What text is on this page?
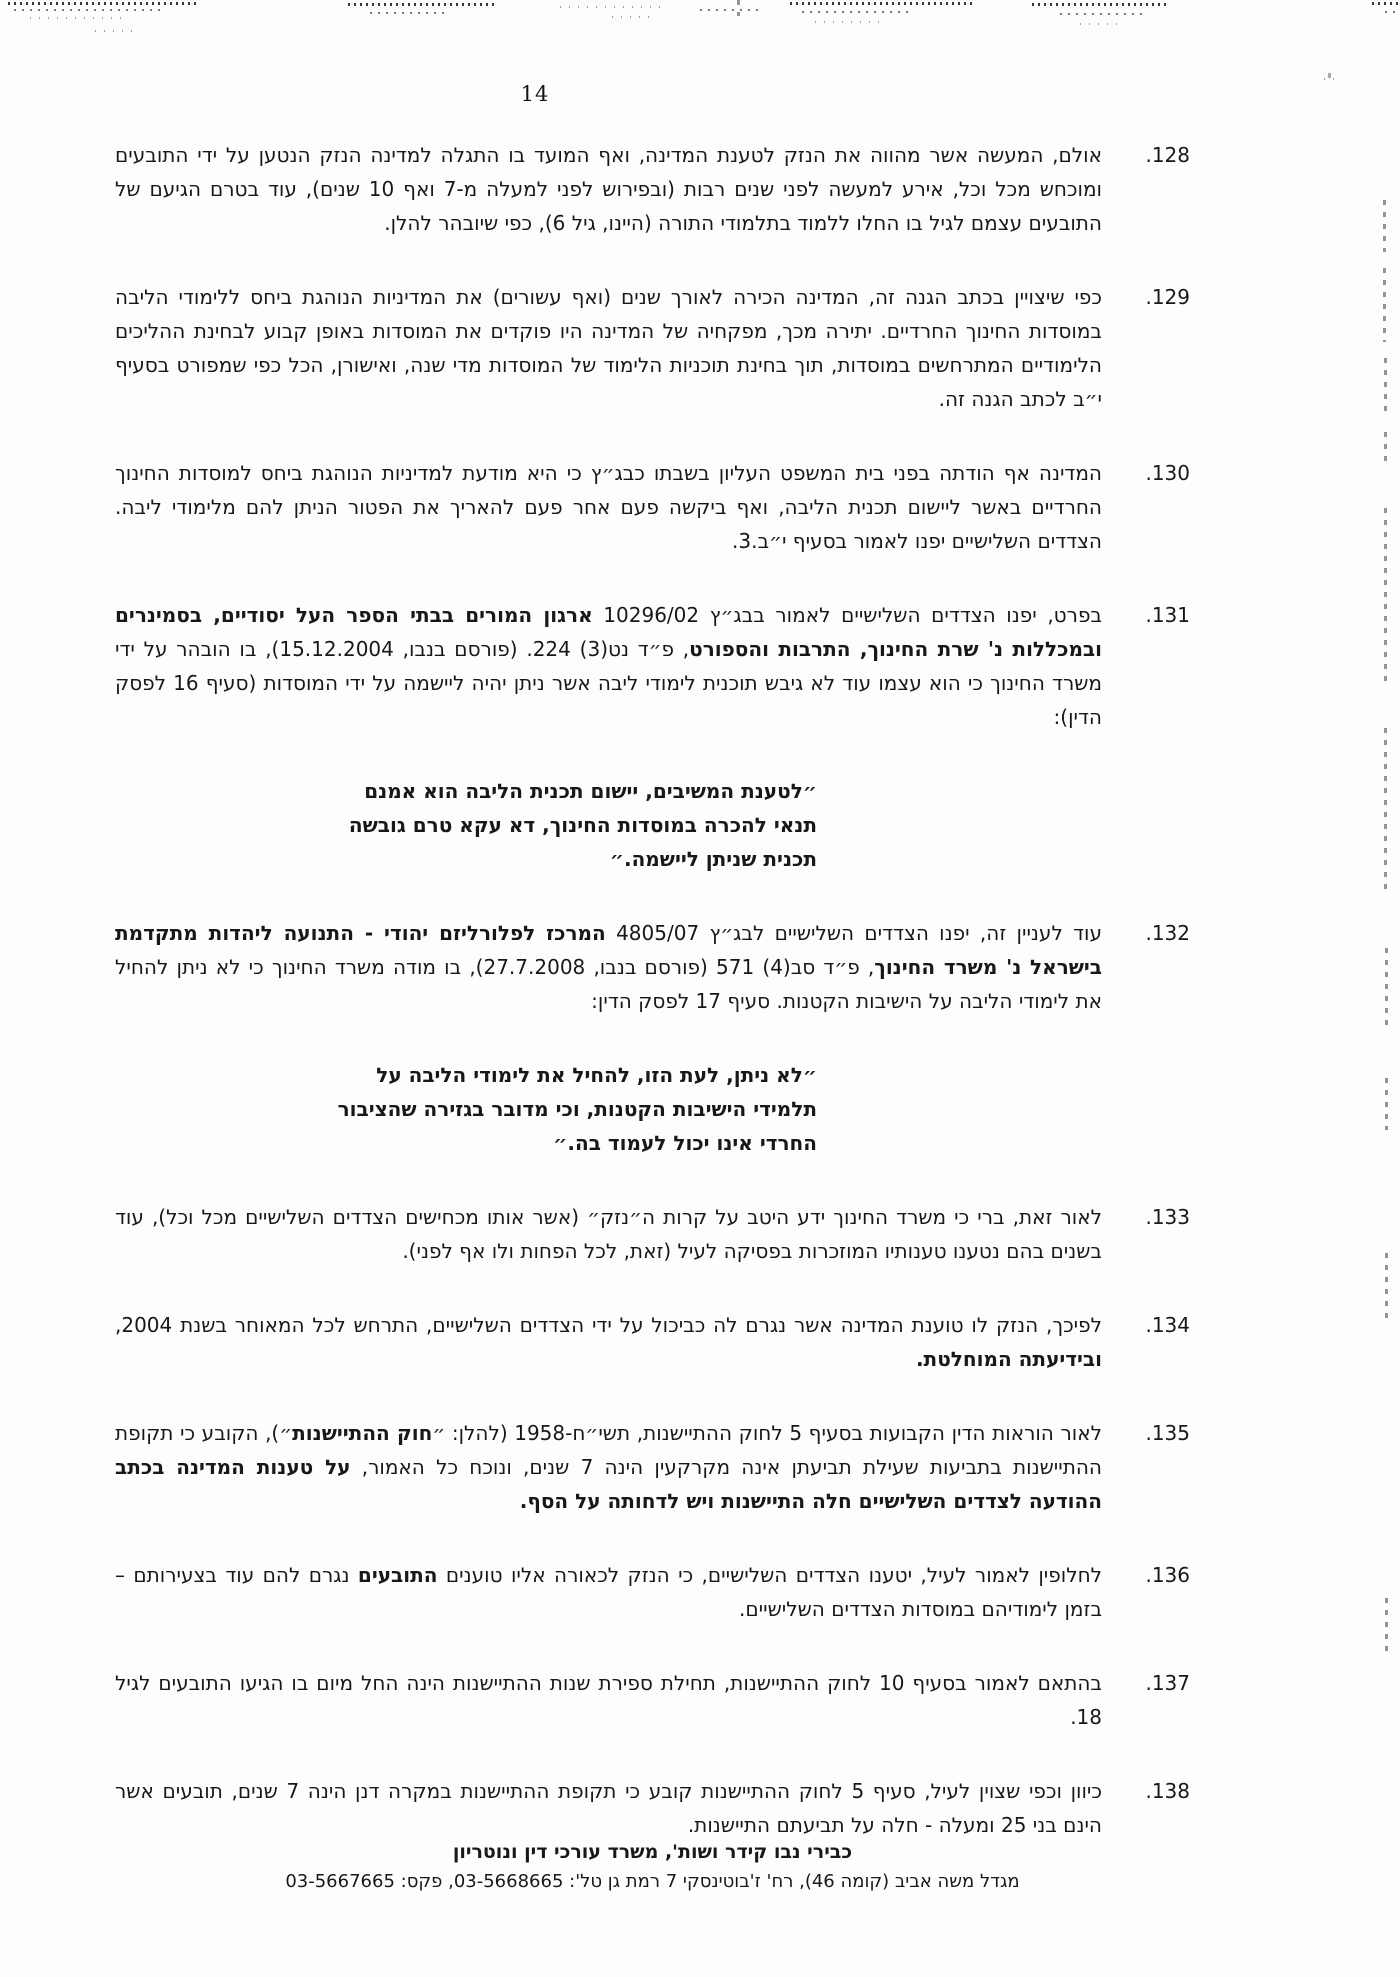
14
128.
אולם, המעשה אשר מהווה את הנזק לטענת המדינה, ואף המועד בו התגלה למדינה הנזק הנטען על ידי התובעים ומוכחש מכל וכל, אירע למעשה לפני שנים רבות (ובפירוש לפני למעלה מ-7 ואף 10 שנים), עוד בטרם הגיעם של התובעים עצמם לגיל בו החלו ללמוד בתלמודי התורה (היינו, גיל 6), כפי שיובהר להלן.
129.
כפי שיצויין בכתב הגנה זה, המדינה הכירה לאורך שנים (ואף עשורים) את המדיניות הנוהגת ביחס ללימודי הליבה במוסדות החינוך החרדיים. יתירה מכך, מפקחיה של המדינה היו פוקדים את המוסדות באופן קבוע לבחינת ההליכים הלימודיים המתרחשים במוסדות, תוך בחינת תוכניות הלימוד של המוסדות מדי שנה, ואישורן, הכל כפי שמפורט בסעיף י״ב לכתב הגנה זה.
130.
המדינה אף הודתה בפני בית המשפט העליון בשבתו כבג״ץ כי היא מודעת למדיניות הנוהגת ביחס למוסדות החינוך החרדיים באשר ליישום תכנית הליבה, ואף ביקשה פעם אחר פעם להאריך את הפטור הניתן להם מלימודי ליבה. הצדדים השלישיים יפנו לאמור בסעיף י״ב.3.
131.
בפרט, יפנו הצדדים השלישיים לאמור בבג״ץ 10296/02 ארגון המורים בבתי הספר העל יסודיים, בסמינרים ובמכללות נ' שרת החינוך, התרבות והספורט, פ״ד נט(3) 224. (פורסם בנבו, 15.12.2004), בו הובהר על ידי משרד החינוך כי הוא עצמו עוד לא גיבש תוכנית לימודי ליבה אשר ניתן יהיה ליישמה על ידי המוסדות (סעיף 16 לפסק הדין):
״לטענת המשיבים, יישום תכנית הליבה הוא אמנם תנאי להכרה במוסדות החינוך, דא עקא טרם גובשה תכנית שניתן ליישמה.״
132.
עוד לעניין זה, יפנו הצדדים השלישיים לבג״ץ 4805/07 המרכז לפלורליזם יהודי - התנועה ליהדות מתקדמת בישראל נ' משרד החינוך, פ״ד סב(4) 571 (פורסם בנבו, 27.7.2008), בו מודה משרד החינוך כי לא ניתן להחיל את לימודי הליבה על הישיבות הקטנות. סעיף 17 לפסק הדין:
״לא ניתן, לעת הזו, להחיל את לימודי הליבה על תלמידי הישיבות הקטנות, וכי מדובר בגזירה שהציבור החרדי אינו יכול לעמוד בה.״
133.
לאור זאת, ברי כי משרד החינוך ידע היטב על קרות ה״נזק״ (אשר אותו מכחישים הצדדים השלישיים מכל וכל), עוד בשנים בהם נטענו טענותיו המוזכרות בפסיקה לעיל (זאת, לכל הפחות ולו אף לפני).
134.
לפיכך, הנזק לו טוענת המדינה אשר נגרם לה כביכול על ידי הצדדים השלישיים, התרחש לכל המאוחר בשנת 2004, ובידיעתה המוחלטת.
135.
לאור הוראות הדין הקבועות בסעיף 5 לחוק ההתיישנות, תשי״ח-1958 (להלן: ״חוק ההתיישנות״), הקובע כי תקופת ההתיישנות בתביעות שעילת תביעתן אינה מקרקעין הינה 7 שנים, ונוכח כל האמור, על טענות המדינה בכתב ההודעה לצדדים השלישיים חלה התיישנות ויש לדחותה על הסף.
136.
לחלופין לאמור לעיל, יטענו הצדדים השלישיים, כי הנזק לכאורה אליו טוענים התובעים נגרם להם עוד בצעירותם – בזמן לימודיהם במוסדות הצדדים השלישיים.
137.
בהתאם לאמור בסעיף 10 לחוק ההתיישנות, תחילת ספירת שנות ההתיישנות הינה החל מיום בו הגיעו התובעים לגיל 18.
138.
כיוון וכפי שצוין לעיל, סעיף 5 לחוק ההתיישנות קובע כי תקופת ההתיישנות במקרה דנן הינה 7 שנים, תובעים אשר הינם בני 25 ומעלה - חלה על תביעתם התיישנות.
כבירי נבו קידר ושות', משרד עורכי דין ונוטריון
מגדל משה אביב (קומה 46), רח' ז'בוטינסקי 7 רמת גן טל': 03-5668665, פקס: 03-5667665
